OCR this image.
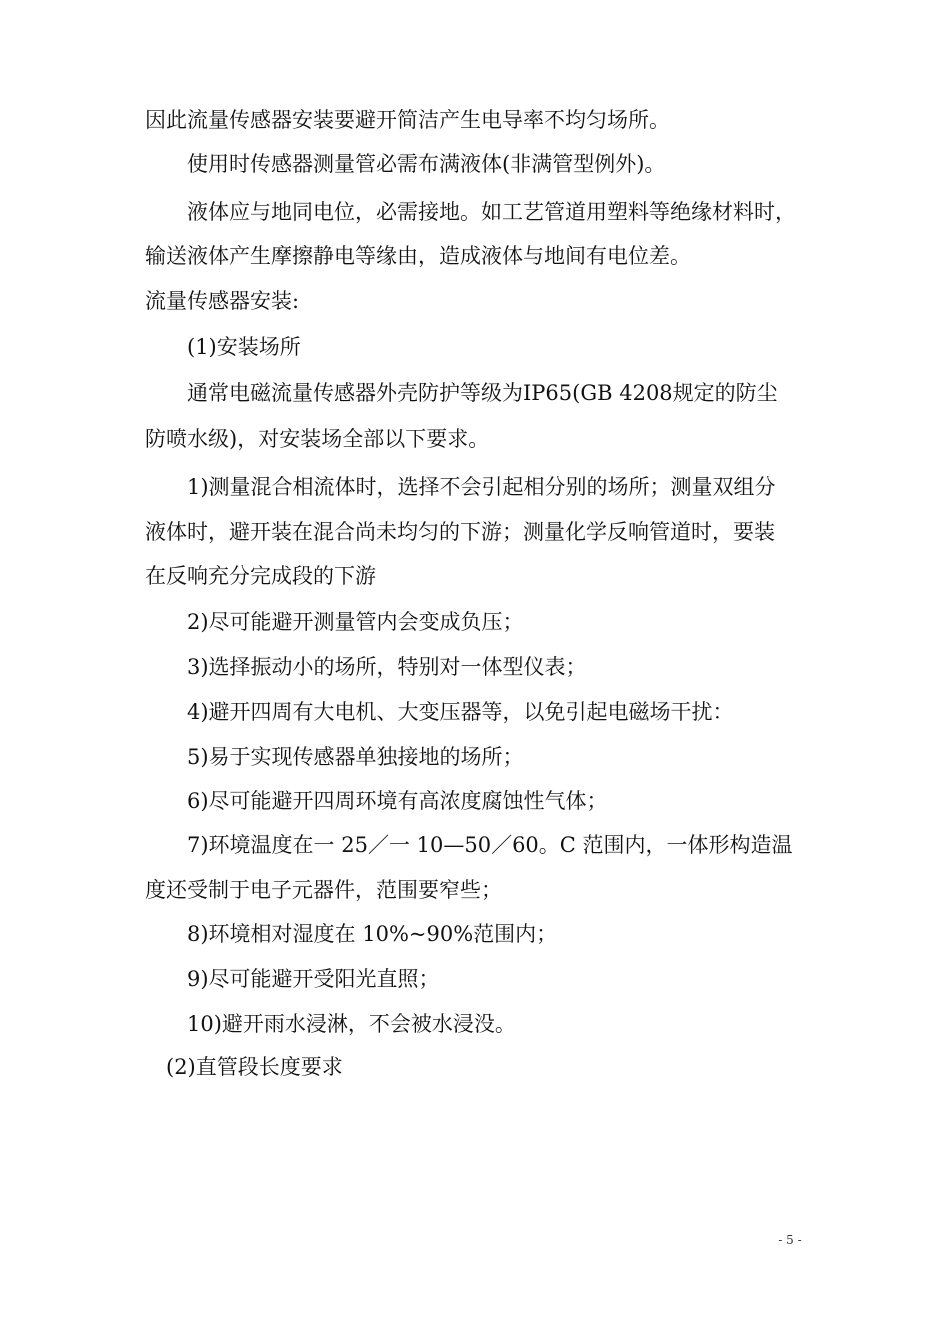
因此流量传感器安装要避开简洁产生电导率不均匀场所。
使用时传感器测量管必需布满液体(非满管型例外)。
液体应与地同电位，必需接地。如工艺管道用塑料等绝缘材料时，
输送液体产生摩擦静电等缘由，造成液体与地间有电位差。
流量传感器安装:
(1)安装场所
通常电磁流量传感器外壳防护等级为IP65(GB 4208规定的防尘
防喷水级)，对安装场全部以下要求。
1)测量混合相流体时，选择不会引起相分别的场所；测量双组分
液体时，避开装在混合尚未均匀的下游；测量化学反响管道时，要装
在反响充分完成段的下游
2)尽可能避开测量管内会变成负压；
3)选择振动小的场所，特别对一体型仪表；
4)避开四周有大电机、大变压器等，以免引起电磁场干扰：
5)易于实现传感器单独接地的场所；
6)尽可能避开四周环境有高浓度腐蚀性气体；
7)环境温度在一 25／一 10—50／60。C 范围内，一体形构造温
度还受制于电子元器件，范围要窄些；
8)环境相对湿度在 10%~90%范围内；
9)尽可能避开受阳光直照；
10)避开雨水浸淋，不会被水浸没。
(2)直管段长度要求
- 5 -
